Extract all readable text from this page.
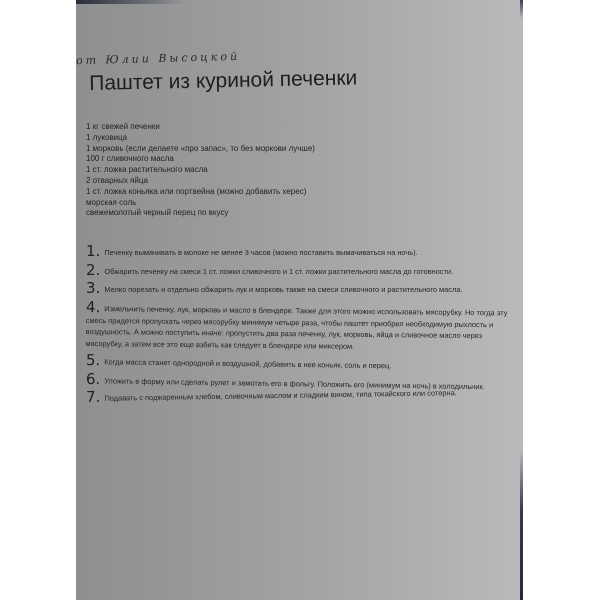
от Юлии Высоцкой
Паштет из куриной печенки
1 кг свежей печенки
1 луковица
1 морковь (если делаете «про запас», то без моркови лучше)
100 г сливочного масла
1 ст. ложка растительного масла
2 отварных яйца
1 ст. ложка коньяка или портвейна (можно добавить херес)
морская соль
свежемолотый черный перец по вкусу
1. Печенку вымачивать в молоке не менее 3 часов (можно поставить вымачиваться на ночь).
2. Обжарить печенку на смеси 1 ст. ложки сливочного и 1 ст. ложки растительного масла до готовности.
3. Мелко порезать и отдельно обжарить лук и морковь также на смеси сливочного и растительного масла.
4. Измельчить печенку, лук, морковь и масло в блендере. Также для этого можно использовать мясорубку. Но тогда эту смесь придется пропускать через мясорубку минимум четыре раза, чтобы паштет приобрел необходимую рыхлость и воздушность. А можно поступить иначе: пропустить два раза печенку, лук, морковь, яйца и сливочное масло через мясорубку, а затем все это еще взбить как следует в блендере или миксером.
5. Когда масса станет однородной и воздушной, добавить в нее коньяк, соль и перец.
6. Уложить в форму или сделать рулет и замотать его в фольгу. Положить его (минимум на ночь) в холодильник.
7. Подавать с поджаренным хлебом, сливочным маслом и сладким вином, типа токайского или сотерна.
